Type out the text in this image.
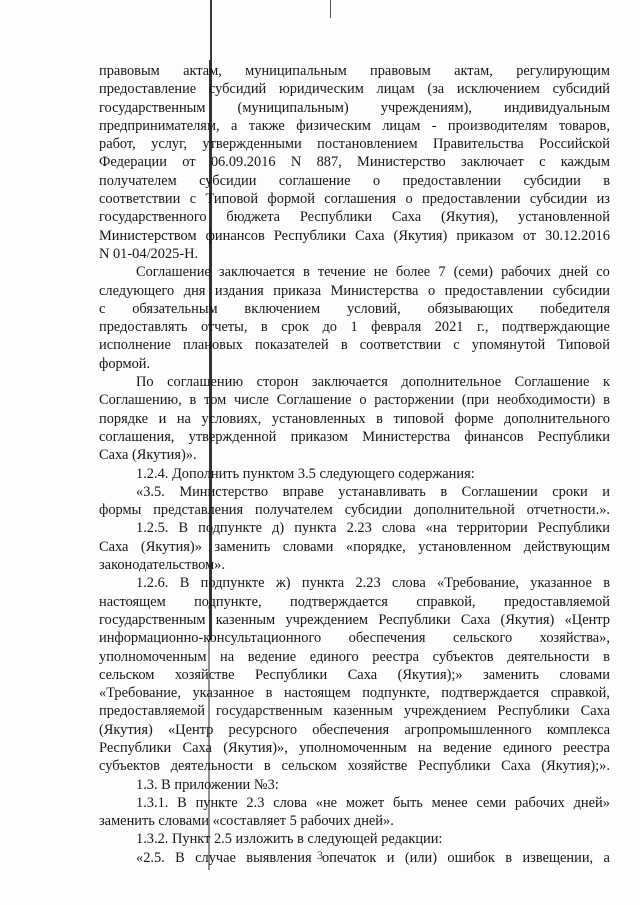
правовым актам, муниципальным правовым актам, регулирующим
предоставление субсидий юридическим лицам (за исключением субсидий
государственным (муниципальным) учреждениям), индивидуальным
предпринимателям, а также физическим лицам - производителям товаров,
работ, услуг, утвержденными постановлением Правительства Российской
Федерации от 06.09.2016 N 887, Министерство заключает с каждым
получателем субсидии соглашение о предоставлении субсидии в
соответствии с Типовой формой соглашения о предоставлении субсидии из
государственного бюджета Республики Саха (Якутия), установленной
Министерством финансов Республики Саха (Якутия) приказом от 30.12.2016
N 01-04/2025-Н.
Соглашение заключается в течение не более 7 (семи) рабочих дней со
следующего дня издания приказа Министерства о предоставлении субсидии
с обязательным включением условий, обязывающих победителя
предоставлять отчеты, в срок до 1 февраля 2021 г., подтверждающие
исполнение плановых показателей в соответствии с упомянутой Типовой
формой.
По соглашению сторон заключается дополнительное Соглашение к
Соглашению, в том числе Соглашение о расторжении (при необходимости) в
порядке и на условиях, установленных в типовой форме дополнительного
соглашения, утвержденной приказом Министерства финансов Республики
Саха (Якутия)».
1.2.4. Дополнить пунктом 3.5 следующего содержания:
«3.5. Министерство вправе устанавливать в Соглашении сроки и
формы представления получателем субсидии дополнительной отчетности.».
1.2.5. В подпункте д) пункта 2.23 слова «на территории Республики
Саха (Якутия)» заменить словами «порядке, установленном действующим
законодательством».
1.2.6. В подпункте ж) пункта 2.23 слова «Требование, указанное в
настоящем подпункте, подтверждается справкой, предоставляемой
государственным казенным учреждением Республики Саха (Якутия) «Центр
информационно-консультационного обеспечения сельского хозяйства»,
уполномоченным на ведение единого реестра субъектов деятельности в
сельском хозяйстве Республики Саха (Якутия);» заменить словами
«Требование, указанное в настоящем подпункте, подтверждается справкой,
предоставляемой государственным казенным учреждением Республики Саха
(Якутия) «Центр ресурсного обеспечения агропромышленного комплекса
Республики Саха (Якутия)», уполномоченным на ведение единого реестра
субъектов деятельности в сельском хозяйстве Республики Саха (Якутия);».
1.3. В приложении №3:
1.3.1. В пункте 2.3 слова «не может быть менее семи рабочих дней»
заменить словами «составляет 5 рабочих дней».
1.3.2. Пункт 2.5 изложить в следующей редакции:
«2.5. В случае выявления опечаток и (или) ошибок в извещении, а
3
